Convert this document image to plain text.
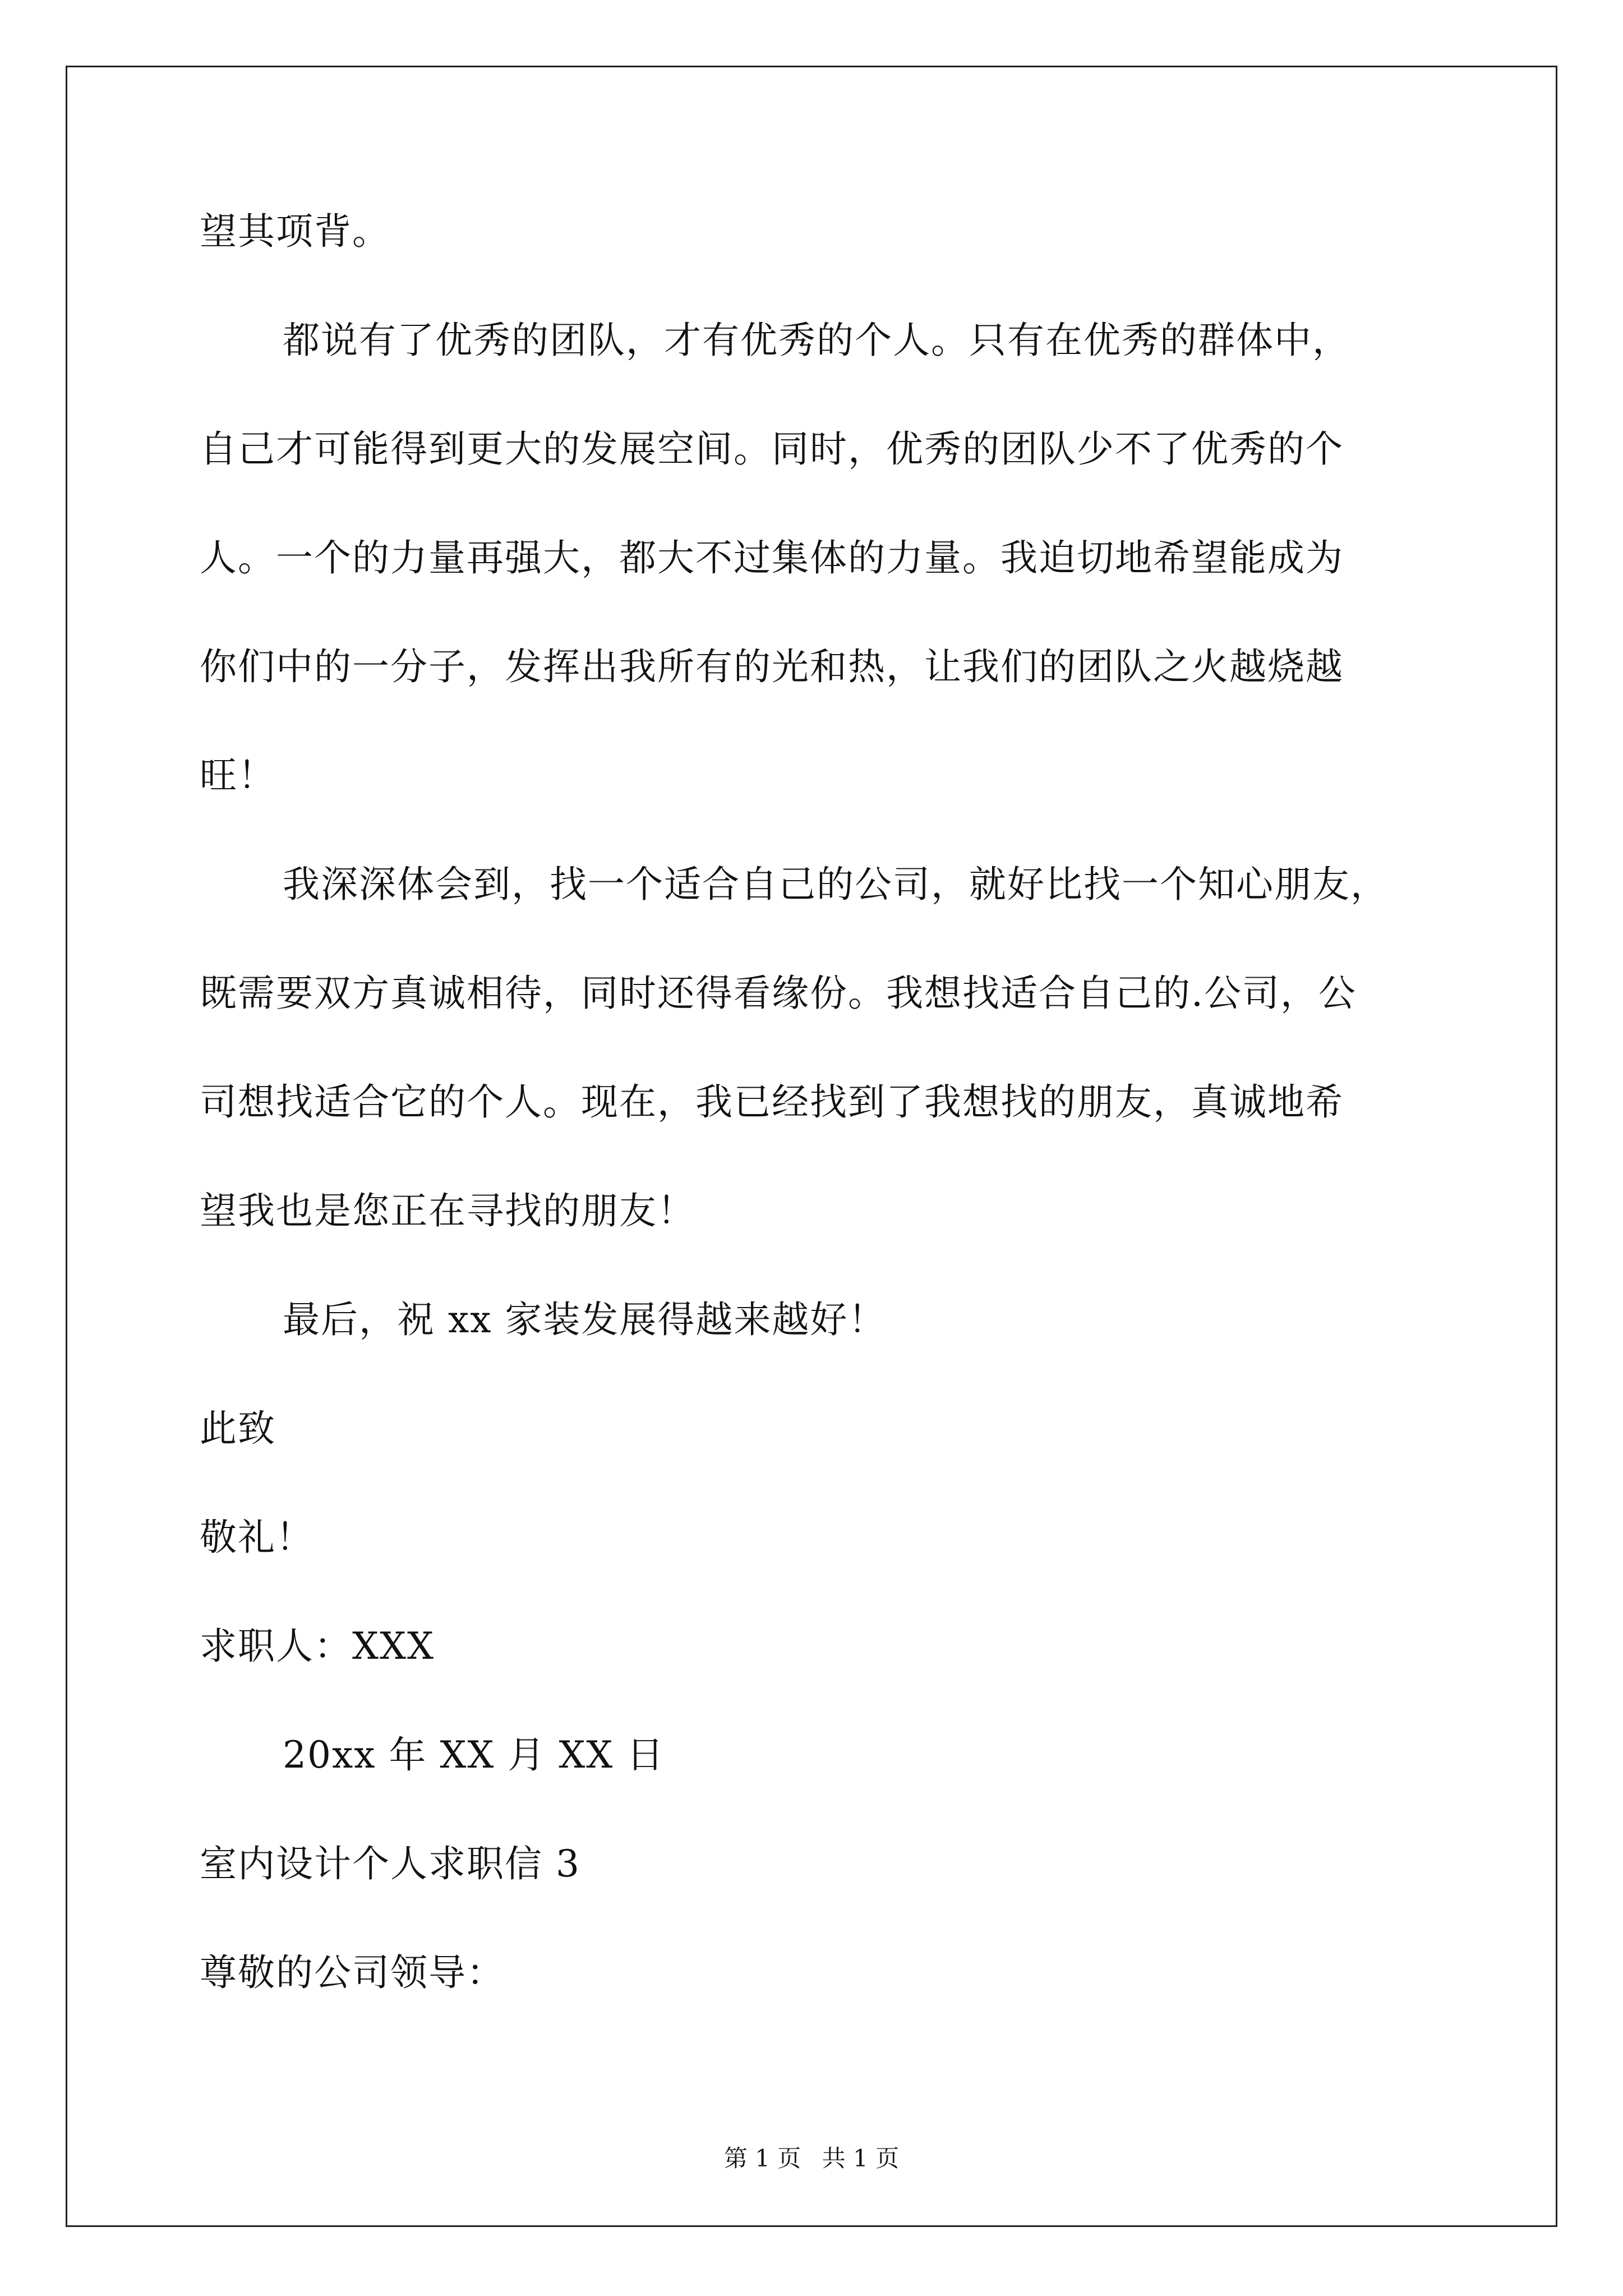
望其项背。
都说有了优秀的团队，才有优秀的个人。只有在优秀的群体中，
自己才可能得到更大的发展空间。同时，优秀的团队少不了优秀的个
人。一个的力量再强大，都大不过集体的力量。我迫切地希望能成为
你们中的一分子，发挥出我所有的光和热，让我们的团队之火越烧越
旺！
我深深体会到，找一个适合自己的公司，就好比找一个知心朋友，
既需要双方真诚相待，同时还得看缘份。我想找适合自己的.公司，公
司想找适合它的个人。现在，我已经找到了我想找的朋友，真诚地希
望我也是您正在寻找的朋友！
最后，祝 xx 家装发展得越来越好！
此致
敬礼！
求职人：XXX
20xx 年 XX 月 XX 日
室内设计个人求职信 3
尊敬的公司领导：
第 1 页 共 1 页
